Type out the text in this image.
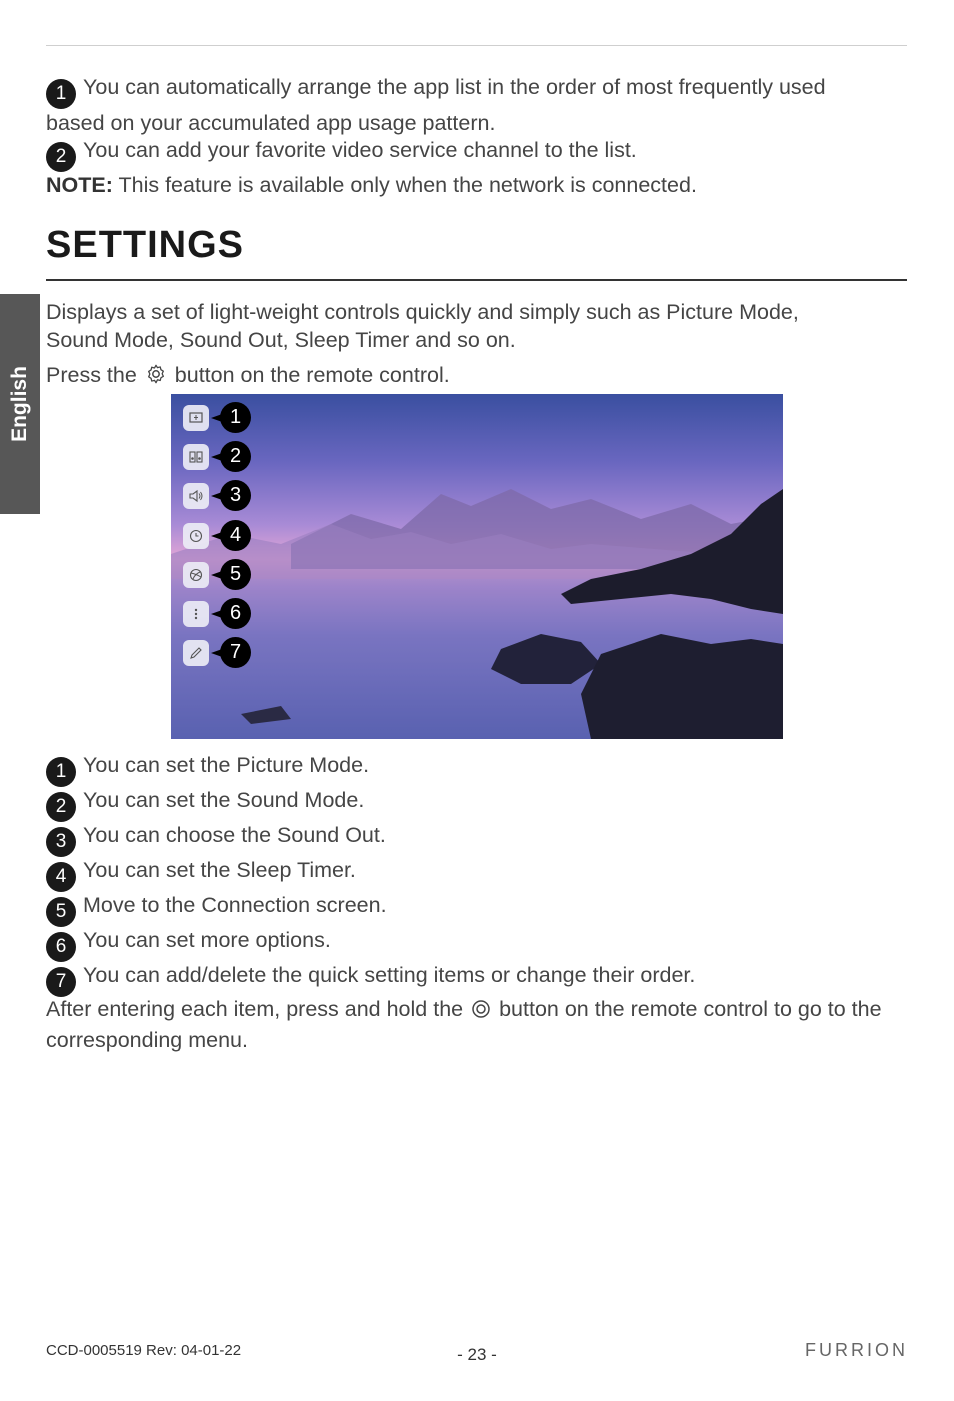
1 You can automatically arrange the app list in the order of most frequently used based on your accumulated app usage pattern.
2 You can add your favorite video service channel to the list.
NOTE: This feature is available only when the network is connected.
SETTINGS
English
Displays a set of light-weight controls quickly and simply such as Picture Mode, Sound Mode, Sound Out, Sleep Timer and so on.
Press the button on the remote control.
1
2
3
4
5
6
7
1 You can set the Picture Mode.
2 You can set the Sound Mode.
3 You can choose the Sound Out.
4 You can set the Sleep Timer.
5 Move to the Connection screen.
6 You can set more options.
7 You can add/delete the quick setting items or change their order.
After entering each item, press and hold the button on the remote control to go to the corresponding menu.
CCD-0005519 Rev: 04-01-22	- 23 -	FURRION
